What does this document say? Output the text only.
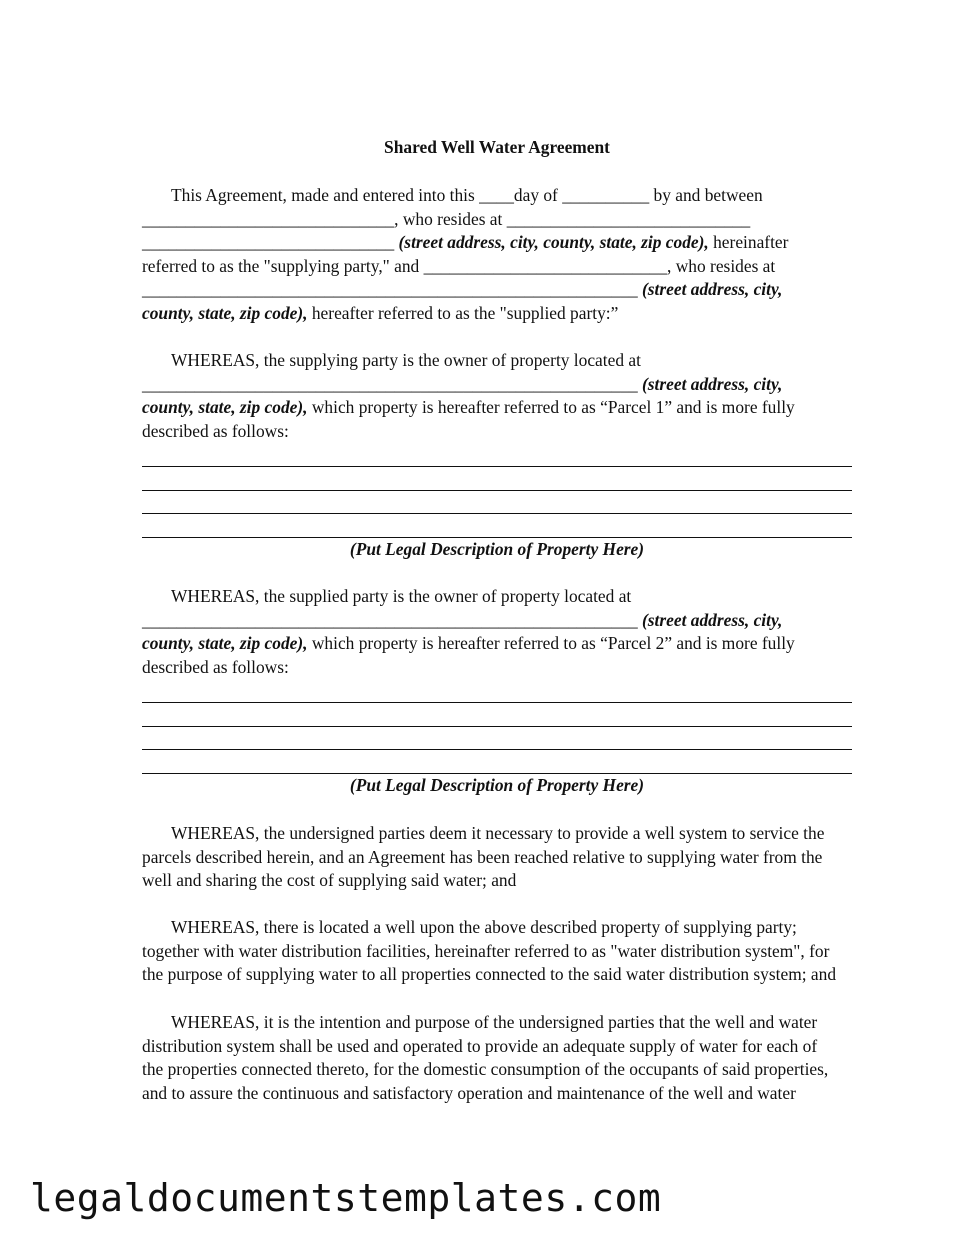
Shared Well Water Agreement
This Agreement, made and entered into this ____day of __________ by and between
_____________________________, who resides at ____________________________
_____________________________ (street address, city, county, state, zip code), hereinafter
referred to as the "supplying party," and ____________________________, who resides at
_________________________________________________________ (street address, city,
county, state, zip code), hereafter referred to as the "supplied party:”
WHEREAS, the supplying party is the owner of property located at
_________________________________________________________ (street address, city,
county, state, zip code), which property is hereafter referred to as “Parcel 1” and is more fully
described as follows:
(Put Legal Description of Property Here)
WHEREAS, the supplied party is the owner of property located at
_________________________________________________________ (street address, city,
county, state, zip code), which property is hereafter referred to as “Parcel 2” and is more fully
described as follows:
(Put Legal Description of Property Here)
WHEREAS, the undersigned parties deem it necessary to provide a well system to service the
parcels described herein, and an Agreement has been reached relative to supplying water from the
well and sharing the cost of supplying said water; and
WHEREAS, there is located a well upon the above described property of supplying party;
together with water distribution facilities, hereinafter referred to as "water distribution system", for
the purpose of supplying water to all properties connected to the said water distribution system; and
WHEREAS, it is the intention and purpose of the undersigned parties that the well and water
distribution system shall be used and operated to provide an adequate supply of water for each of
the properties connected thereto, for the domestic consumption of the occupants of said properties,
and to assure the continuous and satisfactory operation and maintenance of the well and water
legaldocumentstemplates.com
